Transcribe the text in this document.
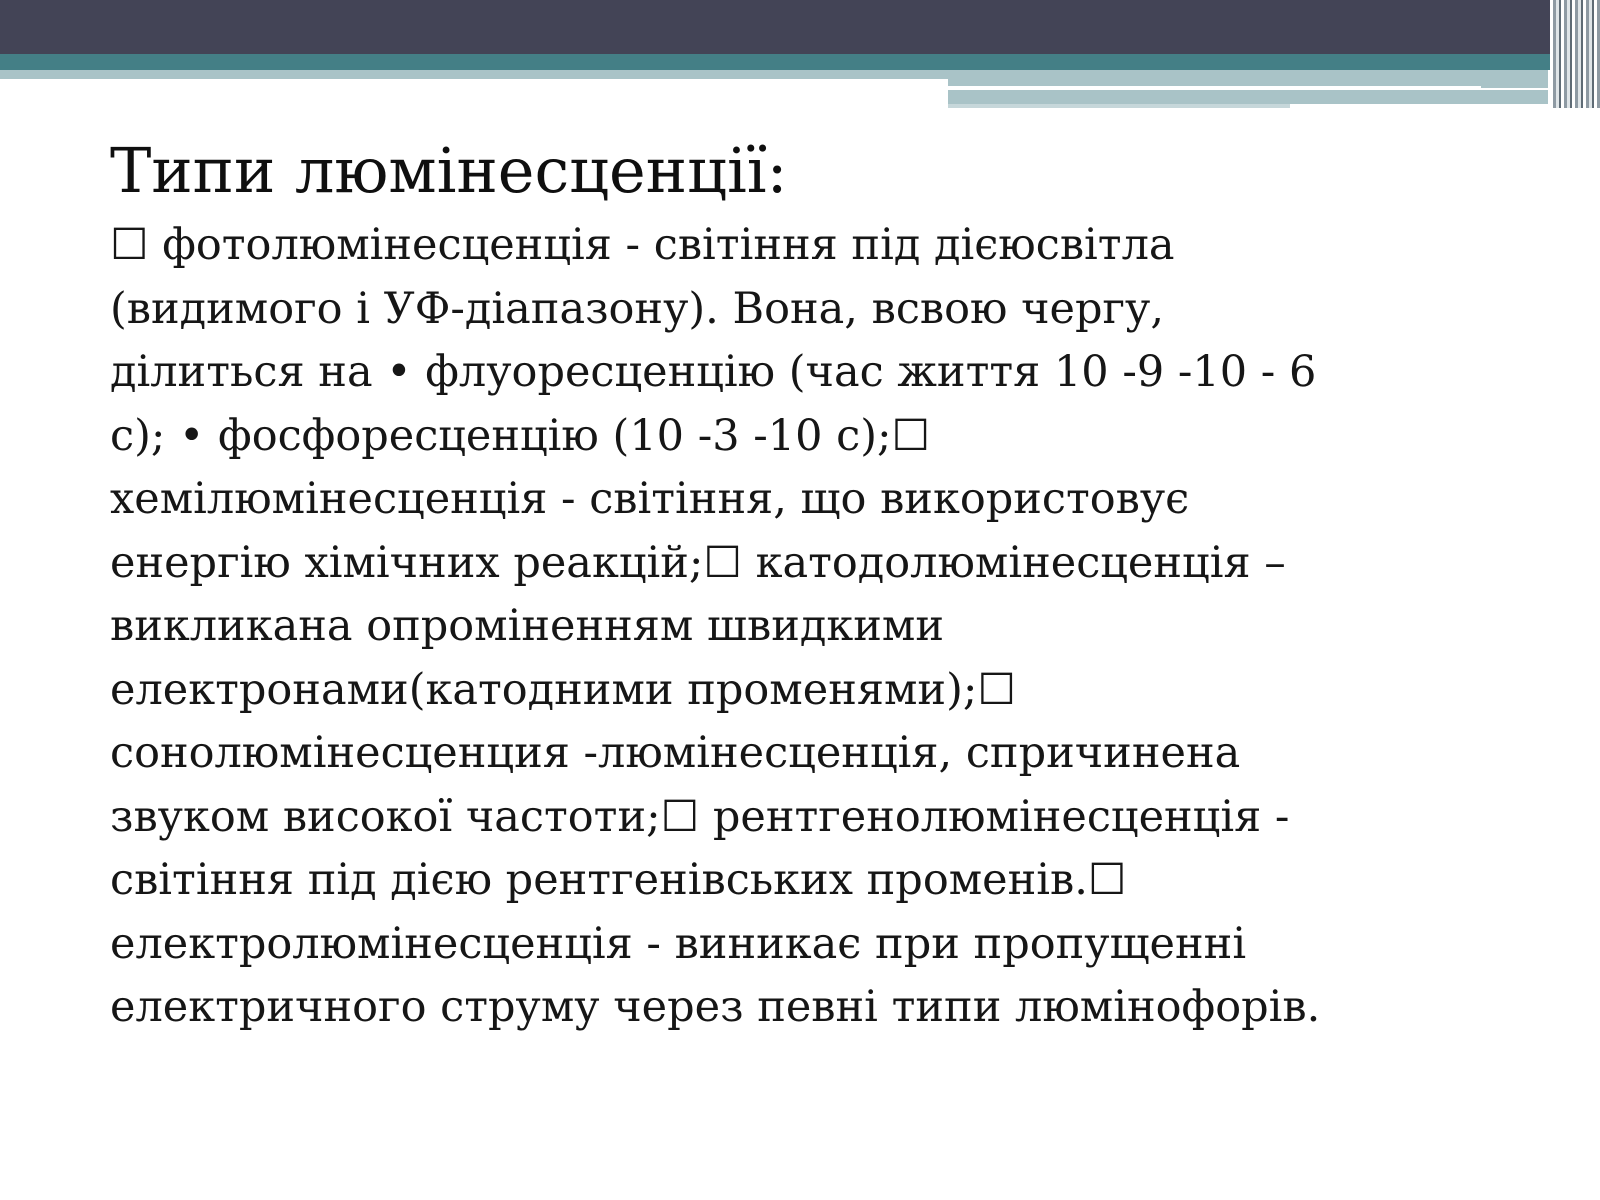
Типи люмінесценції:
☐ фотолюмінесценція - світіння під дієюсвітла
(видимого і УФ-діапазону). Вона, всвою чергу,
ділиться на • флуоресценцію (час життя 10 -9 -10 - 6
с); • фосфоресценцію (10 -3 -10 с);☐
хемілюмінесценція - світіння, що використовує
енергію хімічних реакцій;☐ катодолюмінесценція –
викликана опроміненням швидкими
електронами(катодними променями);☐
сонолюмінесценция -люмінесценція, спричинена
звуком високої частоти;☐ рентгенолюмінесценція -
світіння під дією рентгенівських променів.☐
електролюмінесценція - виникає при пропущенні
електричного струму через певні типи люмінофорів.
